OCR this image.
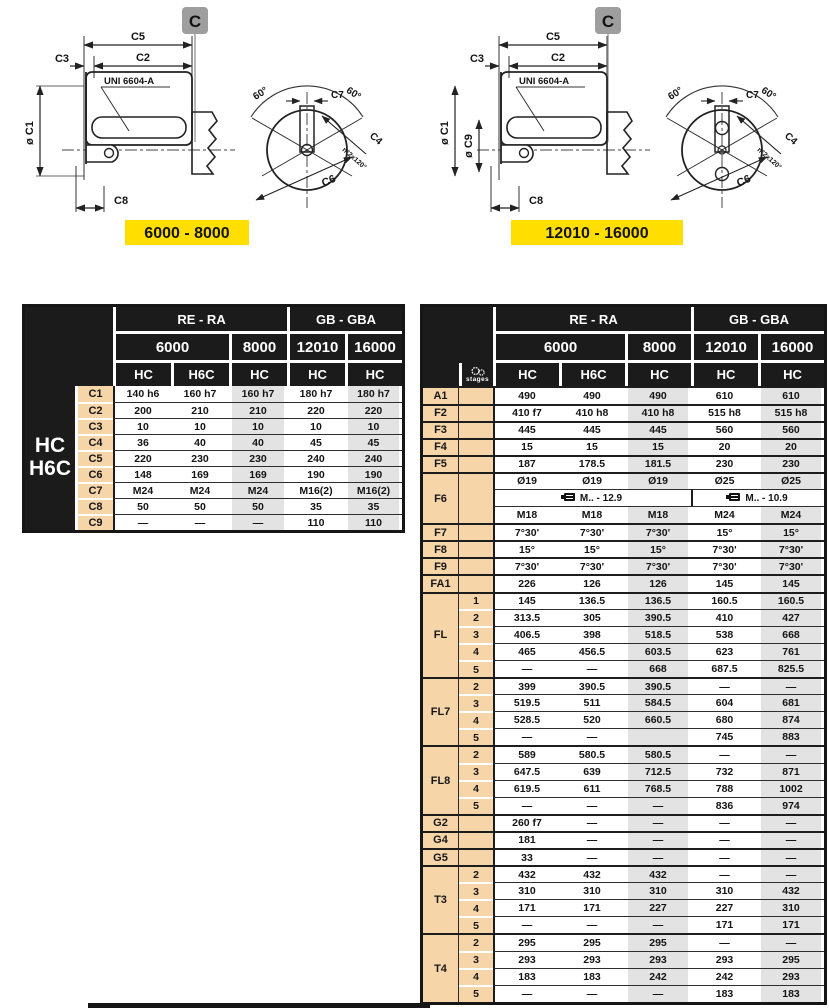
C
C5
C2
C3
UNI 6604-A
ø C1
C8
60°	60°
C7
C4
n°2x120°
C6
6000 - 8000
C
C5
C2
C3
UNI 6604-A
ø C1
ø C9
C8
60°	60°
C7
C4
n°2x120°
C6
12010 - 16000
		RE - RA			GB - GBA	
		6000		8000	12010	16000
		HC	H6C	HC	HC	HC

HC
H6C	C1	140 h6	160 h7	160 h7	180 h7	180 h7
	C2	200	210	210	220	220
	C3	10	10	10	10	10
	C4	36	40	40	45	45
	C5	220	230	230	240	240
	C6	148	169	169	190	190
	C7	M24	M24	M24	M16(2)	M16(2)
	C8	50	50	50	35	35
	C9	—	—	—	110	110
		RE - RA			GB - GBA	
		6000		8000	12010	16000

	stages	HC	H6C	HC	HC	HC
A1		490	490	490	610	610
F2		410 f7	410 h8	410 h8	515 h8	515 h8
F3		445	445	445	560	560
F4		15	15	15	20	20
F5		187	178.5	181.5	230	230
F6		Ø19	Ø19	Ø19	Ø25	Ø25
		M.. - 12.9			M.. - 10.9	
		M18	M18	M18	M24	M24
F7		7°30'	7°30'	7°30'	15°	15°
F8		15°	15°	15°	7°30'	7°30'
F9		7°30'	7°30'	7°30'	7°30'	7°30'
FA1		226	126	126	145	145
FL	1	145	136.5	136.5	160.5	160.5
	2	313.5	305	390.5	410	427
	3	406.5	398	518.5	538	668
	4	465	456.5	603.5	623	761
	5	—	—	668	687.5	825.5
FL7	2	399	390.5	390.5	—	—
	3	519.5	511	584.5	604	681
	4	528.5	520	660.5	680	874
	5	—	—		745	883
FL8	2	589	580.5	580.5	—	—
	3	647.5	639	712.5	732	871
	4	619.5	611	768.5	788	1002
	5	—	—	—	836	974
G2		260 f7	—	—	—	—
G4		181	—	—	—	—
G5		33	—	—	—	—
T3	2	432	432	432	—	—
	3	310	310	310	310	432
	4	171	171	227	227	310
	5	—	—	—	171	171
T4	2	295	295	295	—	—
	3	293	293	293	293	295
	4	183	183	242	242	293
	5	—	—	—	183	183
